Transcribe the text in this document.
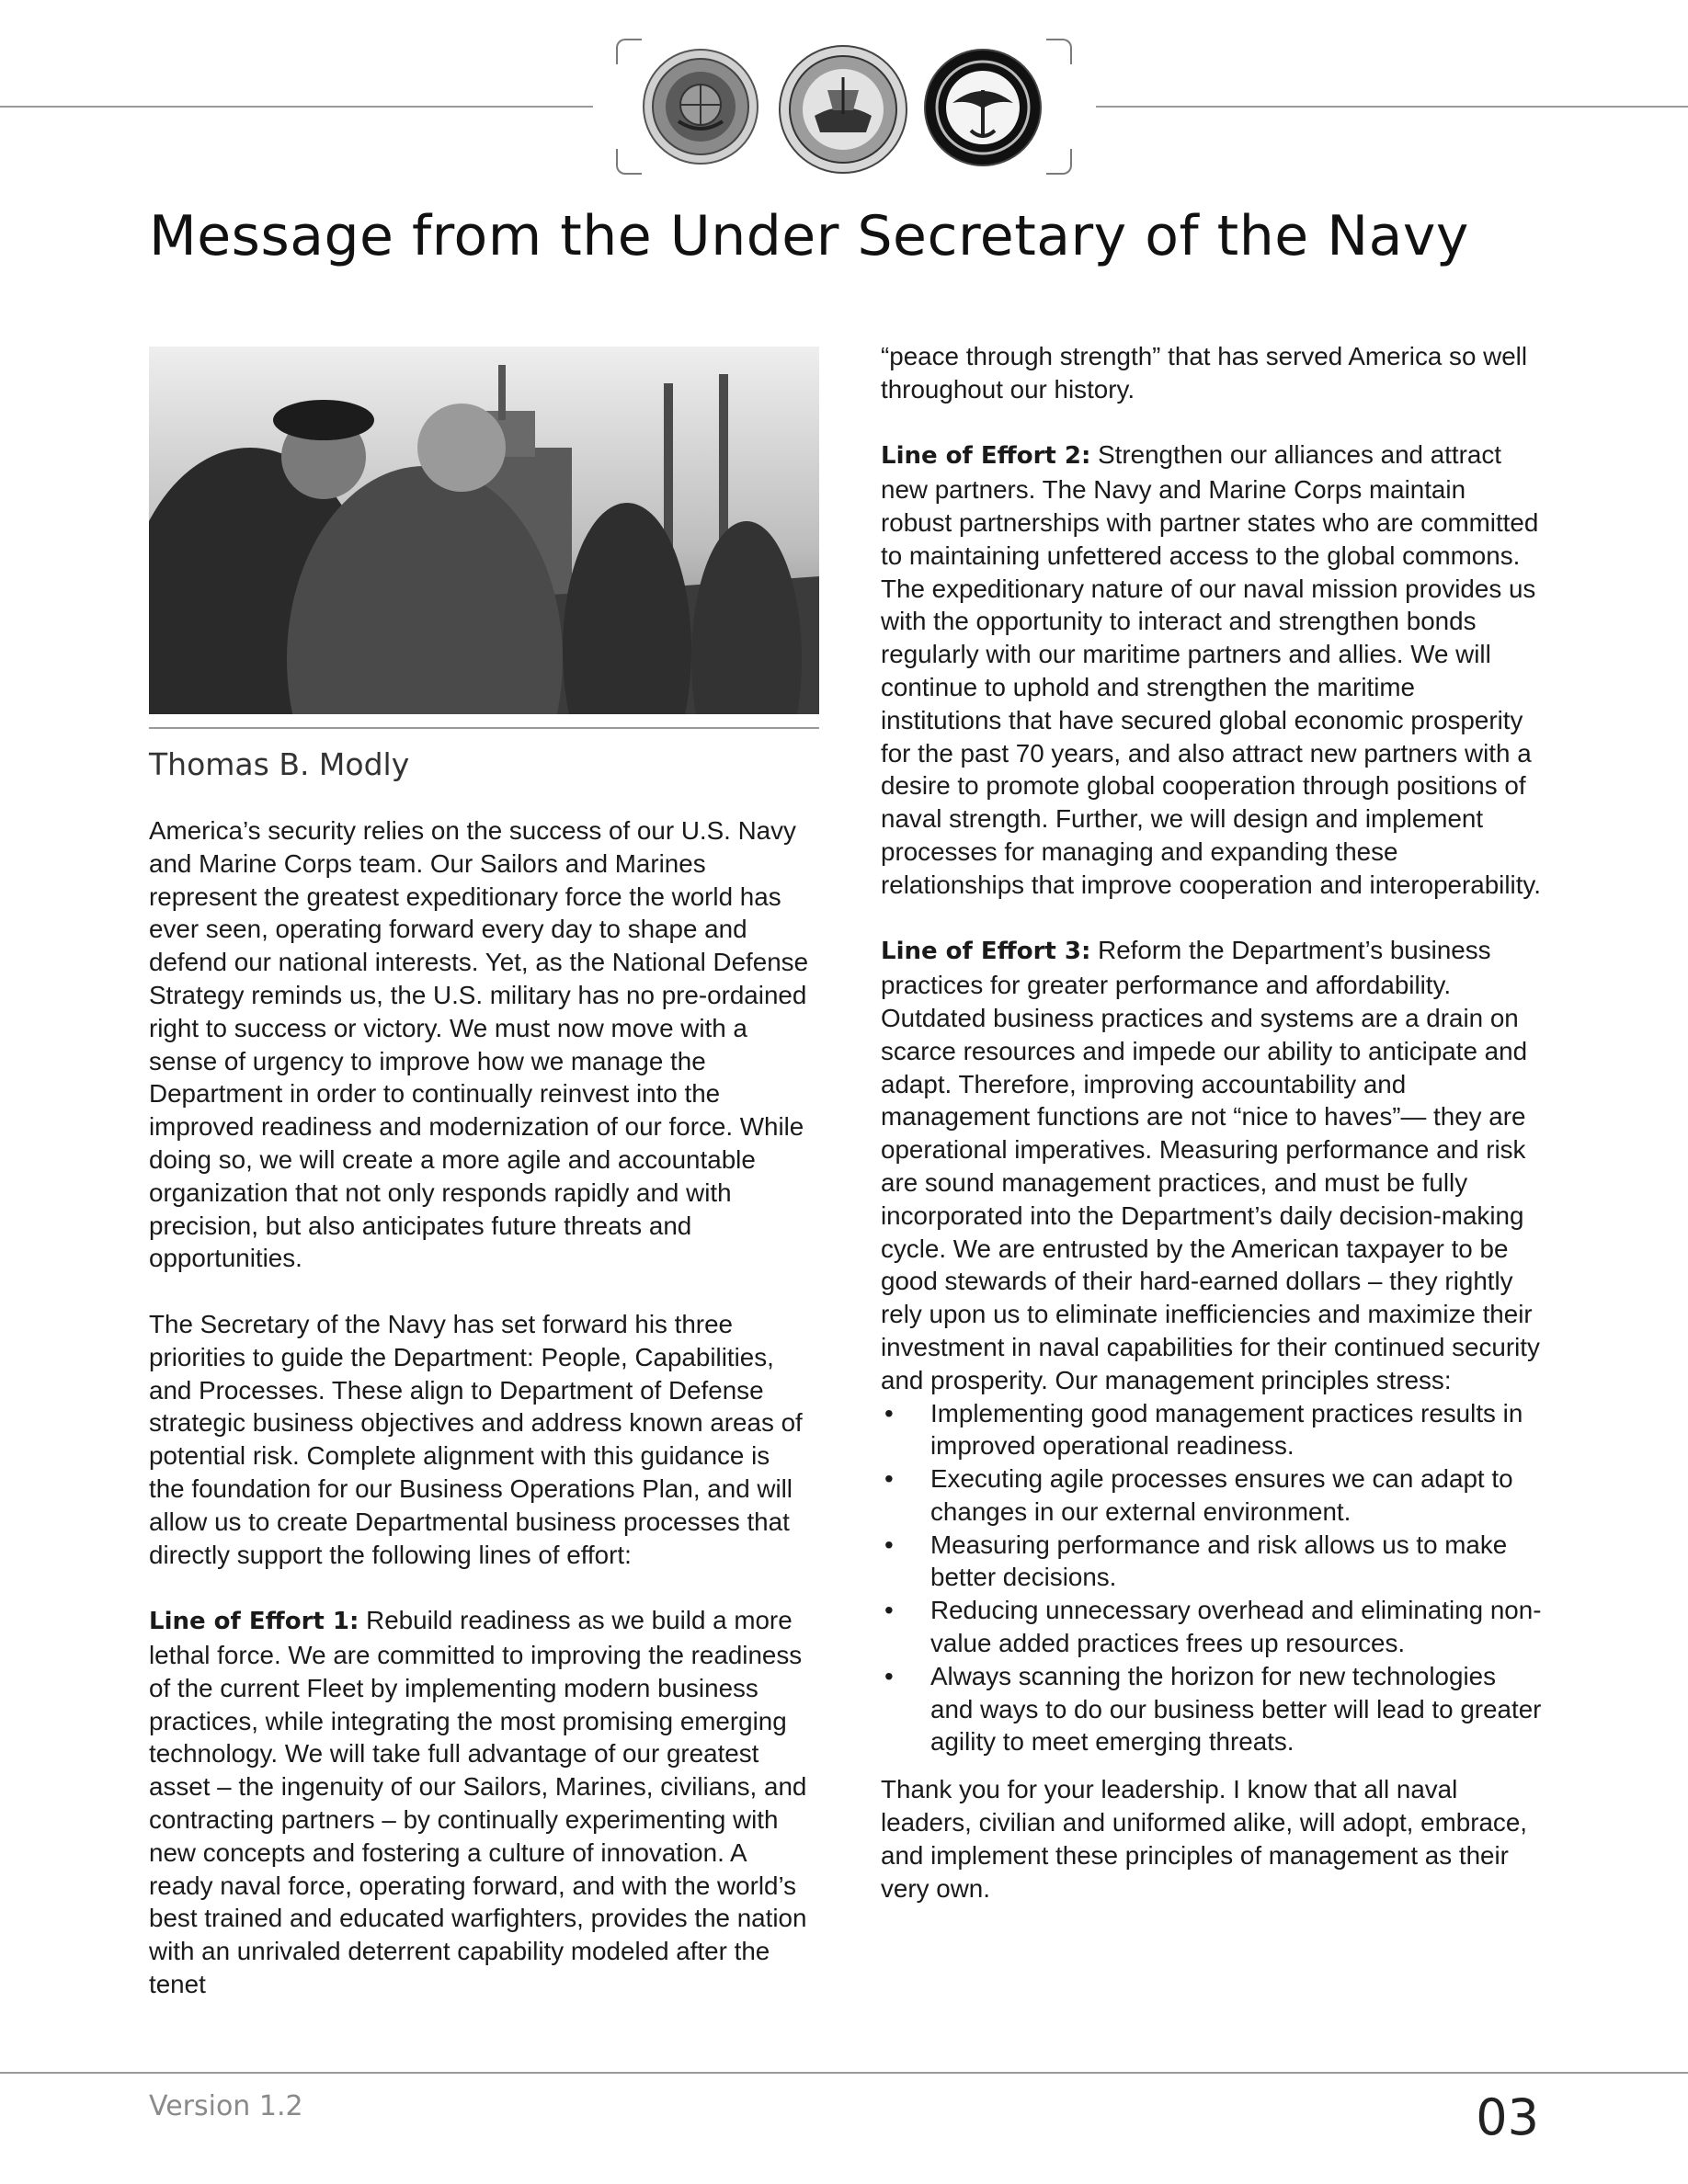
Message from the Under Secretary of the Navy
Thomas B. Modly

America’s security relies on the success of our U.S. Navy and Marine Corps team. Our Sailors and Marines represent the greatest expeditionary force the world has ever seen, operating forward every day to shape and defend our national interests. Yet, as the National Defense Strategy reminds us, the U.S. military has no pre-ordained right to success or victory. We must now move with a sense of urgency to improve how we manage the Department in order to continually reinvest into the improved readiness and modernization of our force. While doing so, we will create a more agile and accountable organization that not only responds rapidly and with precision, but also anticipates future threats and opportunities.

The Secretary of the Navy has set forward his three priorities to guide the Department: People, Capabilities, and Processes. These align to Department of Defense strategic business objectives and address known areas of potential risk. Complete alignment with this guidance is the foundation for our Business Operations Plan, and will allow us to create Departmental business processes that directly support the following lines of effort:

Line of Effort 1: Rebuild readiness as we build a more lethal force. We are committed to improving the readiness of the current Fleet by implementing modern business practices, while integrating the most promising emerging technology. We will take full advantage of our greatest asset – the ingenuity of our Sailors, Marines, civilians, and contracting partners – by continually experimenting with new concepts and fostering a culture of innovation. A ready naval force, operating forward, and with the world’s best trained and educated warfighters, provides the nation with an unrivaled deterrent capability modeled after the tenet

“peace through strength” that has served America so well throughout our history.

Line of Effort 2: Strengthen our alliances and attract new partners. The Navy and Marine Corps maintain robust partnerships with partner states who are committed to maintaining unfettered access to the global commons. The expeditionary nature of our naval mission provides us with the opportunity to interact and strengthen bonds regularly with our maritime partners and allies. We will continue to uphold and strengthen the maritime institutions that have secured global economic prosperity for the past 70 years, and also attract new partners with a desire to promote global cooperation through positions of naval strength. Further, we will design and implement processes for managing and expanding these relationships that improve cooperation and interoperability.

Line of Effort 3: Reform the Department’s business practices for greater performance and affordability. Outdated business practices and systems are a drain on scarce resources and impede our ability to anticipate and adapt. Therefore, improving accountability and management functions are not “nice to haves”— they are operational imperatives. Measuring performance and risk are sound management practices, and must be fully incorporated into the Department’s daily decision-making cycle. We are entrusted by the American taxpayer to be good stewards of their hard-earned dollars – they rightly rely upon us to eliminate inefficiencies and maximize their investment in naval capabilities for their continued security and prosperity. Our management principles stress:

• Implementing good management practices results in improved operational readiness.
• Executing agile processes ensures we can adapt to changes in our external environment.
• Measuring performance and risk allows us to make better decisions.
• Reducing unnecessary overhead and eliminating non-value added practices frees up resources.
• Always scanning the horizon for new technologies and ways to do our business better will lead to greater agility to meet emerging threats.

Thank you for your leadership. I know that all naval leaders, civilian and uniformed alike, will adopt, embrace, and implement these principles of management as their very own.

Version 1.2	03
